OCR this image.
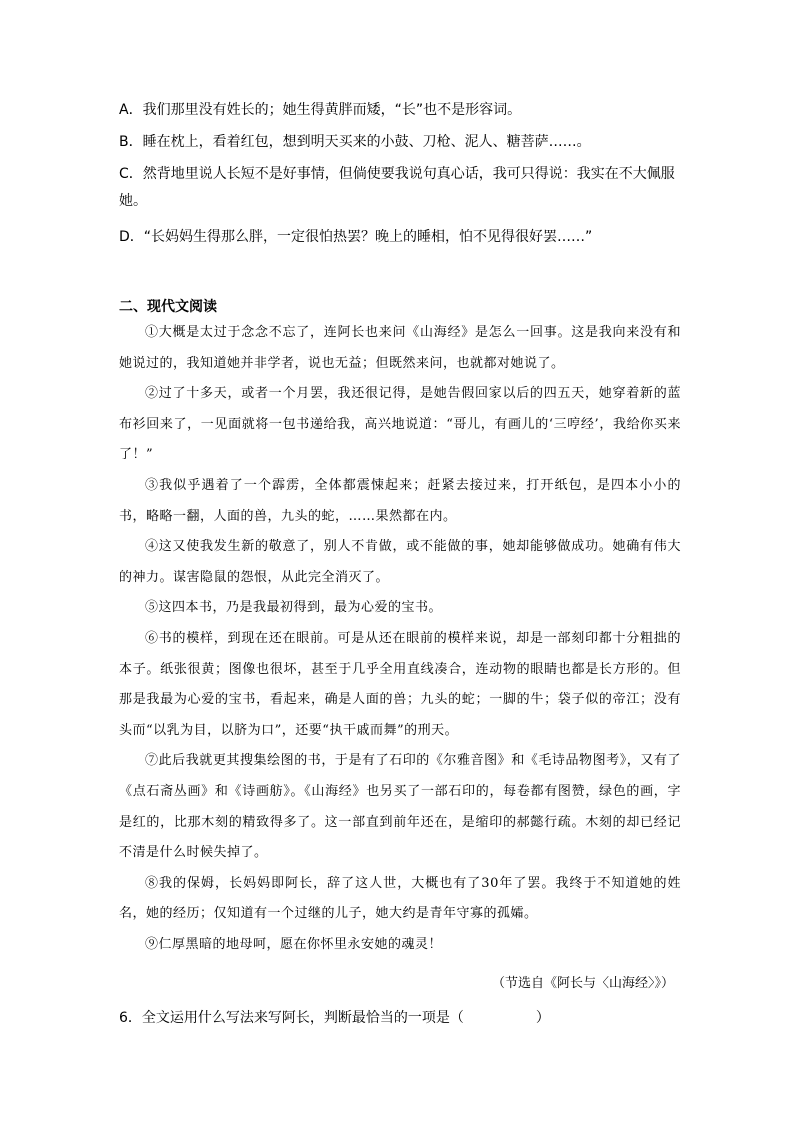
A．我们那里没有姓长的；她生得黄胖而矮，“长”也不是形容词。
B．睡在枕上，看着红包，想到明天买来的小鼓、刀枪、泥人、糖菩萨……。
C．然背地里说人长短不是好事情，但倘使要我说句真心话，我可只得说：我实在不大佩服她。
D．“长妈妈生得那么胖，一定很怕热罢？晚上的睡相，怕不见得很好罢……”
二、现代文阅读

①大概是太过于念念不忘了，连阿长也来问《山海经》是怎么一回事。这是我向来没有和她说过的，我知道她并非学者，说也无益；但既然来问，也就都对她说了。

②过了十多天，或者一个月罢，我还很记得，是她告假回家以后的四五天，她穿着新的蓝布衫回来了，一见面就将一包书递给我，高兴地说道：“哥儿，有画儿的‘三哼经’，我给你买来了！”

③我似乎遇着了一个霹雳，全体都震悚起来；赶紧去接过来，打开纸包，是四本小小的书，略略一翻，人面的兽，九头的蛇，……果然都在内。

④这又使我发生新的敬意了，别人不肯做，或不能做的事，她却能够做成功。她确有伟大的神力。谋害隐鼠的怨恨，从此完全消灭了。

⑤这四本书，乃是我最初得到，最为心爱的宝书。

⑥书的模样，到现在还在眼前。可是从还在眼前的模样来说，却是一部刻印都十分粗拙的本子。纸张很黄；图像也很坏，甚至于几乎全用直线凑合，连动物的眼睛也都是长方形的。但那是我最为心爱的宝书，看起来，确是人面的兽；九头的蛇；一脚的牛；袋子似的帝江；没有头而“以乳为目，以脐为口”，还要“执干戚而舞”的刑天。

⑦此后我就更其搜集绘图的书，于是有了石印的《尔雅音图》和《毛诗品物图考》，又有了《点石斋丛画》和《诗画舫》。《山海经》也另买了一部石印的，每卷都有图赞，绿色的画，字是红的，比那木刻的精致得多了。这一部直到前年还在，是缩印的郝懿行疏。木刻的却已经记不清是什么时候失掉了。

⑧我的保姆，长妈妈即阿长，辞了这人世，大概也有了30年了罢。我终于不知道她的姓名，她的经历；仅知道有一个过继的儿子，她大约是青年守寡的孤孀。

⑨仁厚黑暗的地母呵，愿在你怀里永安她的魂灵！

（节选自《阿长与〈山海经〉》）
6．全文运用什么写法来写阿长，判断最恰当的一项是（	）
